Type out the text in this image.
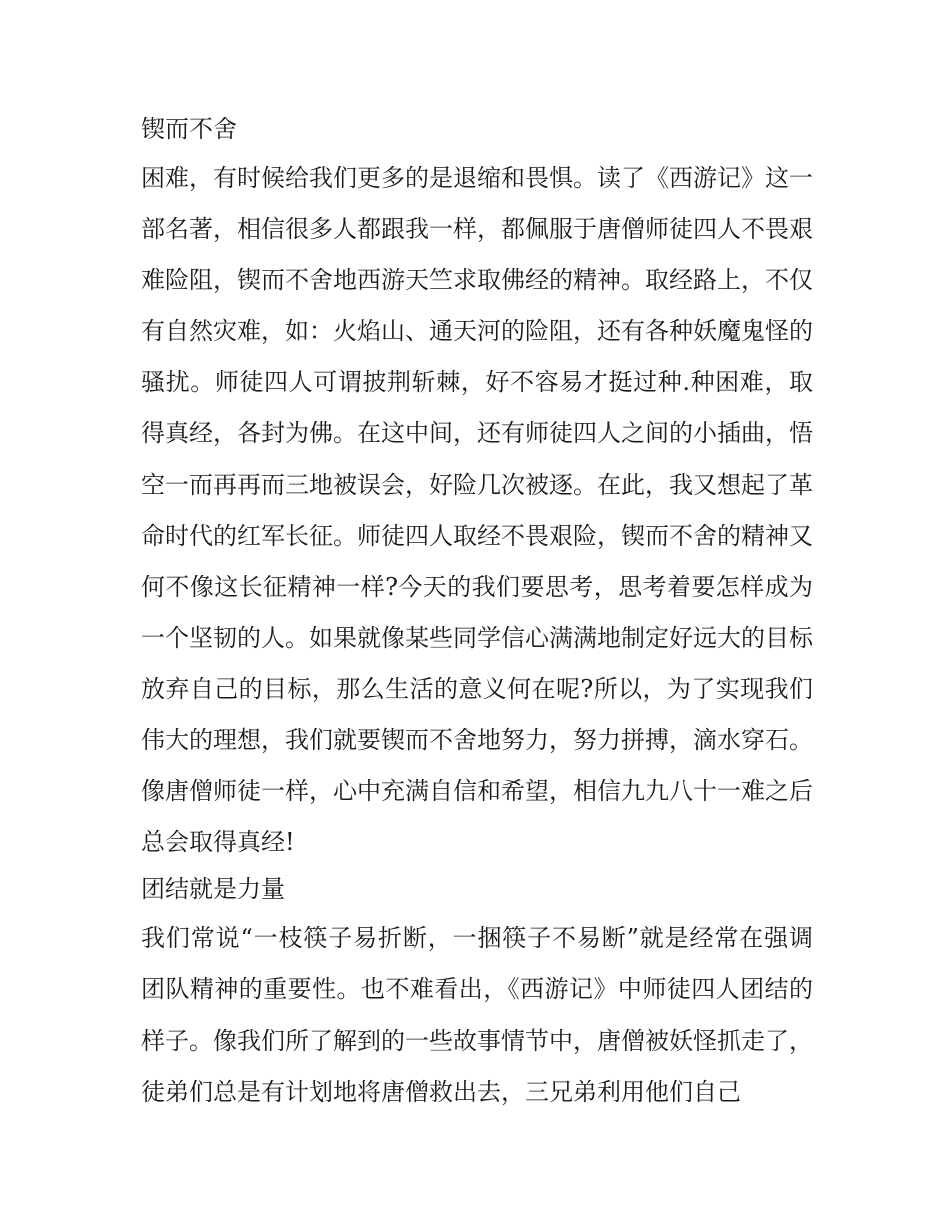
锲而不舍

困难，有时候给我们更多的是退缩和畏惧。读了《西游记》这一部名著，相信很多人都跟我一样，都佩服于唐僧师徒四人不畏艰难险阻，锲而不舍地西游天竺求取佛经的精神。取经路上，不仅有自然灾难，如：火焰山、通天河的险阻，还有各种妖魔鬼怪的骚扰。师徒四人可谓披荆斩棘，好不容易才挺过种.种困难，取得真经，各封为佛。在这中间，还有师徒四人之间的小插曲，悟空一而再再而三地被误会，好险几次被逐。在此，我又想起了革命时代的红军长征。师徒四人取经不畏艰险，锲而不舍的精神又何不像这长征精神一样?今天的我们要思考，思考着要怎样成为一个坚韧的人。如果就像某些同学信心满满地制定好远大的目标放弃自己的目标，那么生活的意义何在呢?所以，为了实现我们伟大的理想，我们就要锲而不舍地努力，努力拼搏，滴水穿石。像唐僧师徒一样，心中充满自信和希望，相信九九八十一难之后总会取得真经!

团结就是力量

我们常说“一枝筷子易折断，一捆筷子不易断”就是经常在强调团队精神的重要性。也不难看出，《西游记》中师徒四人团结的样子。像我们所了解到的一些故事情节中，唐僧被妖怪抓走了，徒弟们总是有计划地将唐僧救出去，三兄弟利用他们自己
